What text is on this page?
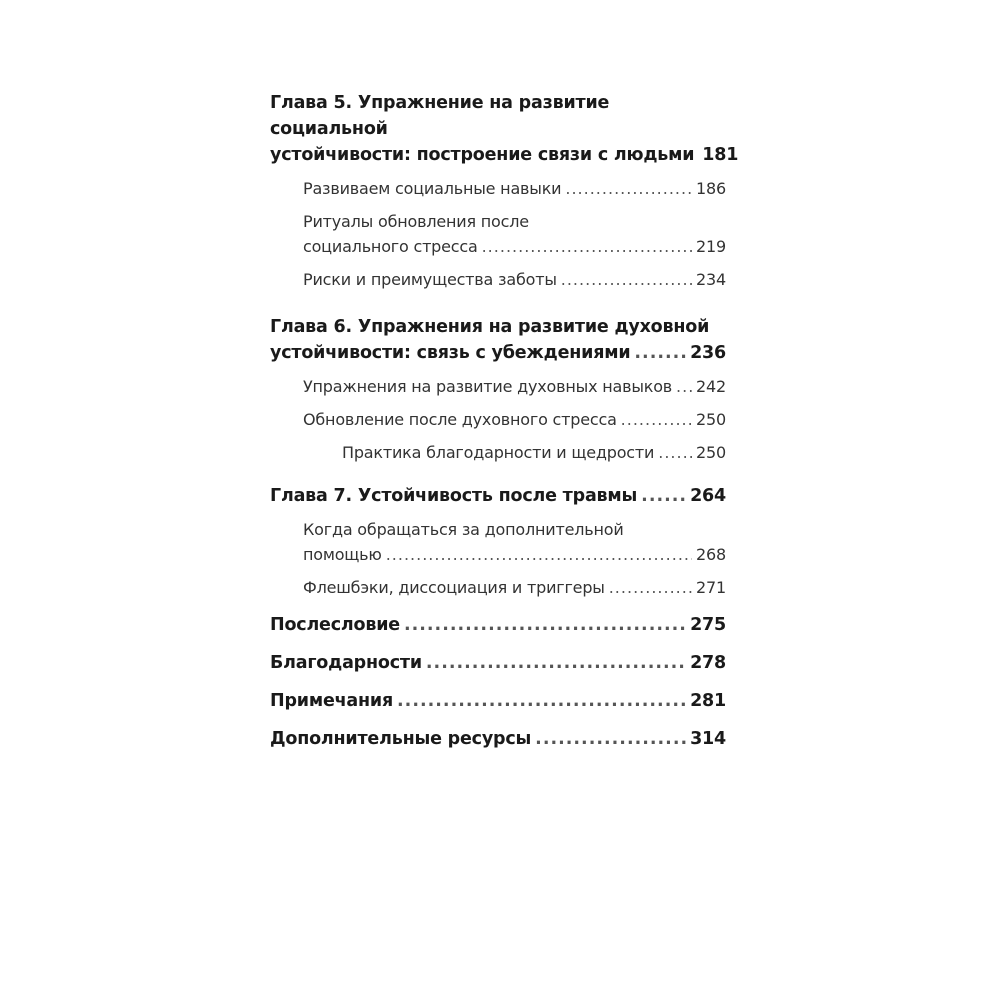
Глава 5. Упражнение на развитие социальной
устойчивости: построение связи с людьми 181
Развиваем социальные навыки .....	186
Ритуалы обновления после
социального стресса .....	219
Риски и преимущества заботы .....	234
Глава 6. Упражнения на развитие духовной
устойчивости: связь с убеждениями .....	236
Упражнения на развитие духовных навыков ..... 242
Обновление после духовного стресса .....	250
Практика благодарности и щедрости .....	250
Глава 7. Устойчивость после травмы .....	264
Когда обращаться за дополнительной
помощью .....	268
Флешбэки, диссоциация и триггеры .....	271
Послесловие .....	275
Благодарности .....	278
Примечания .....	281
Дополнительные ресурсы .....	314
